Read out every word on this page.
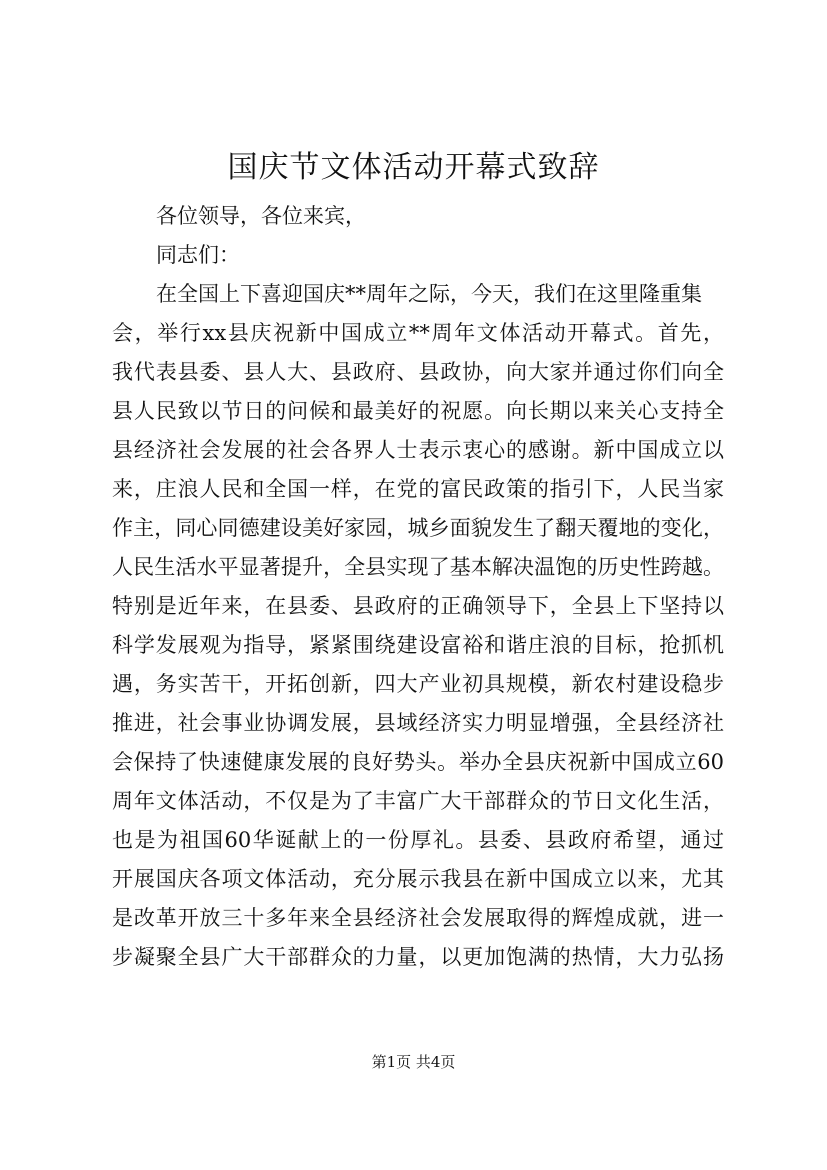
国庆节文体活动开幕式致辞
各位领导，各位来宾，
同志们：
在全国上下喜迎国庆**周年之际，今天，我们在这里隆重集
会，举行xx县庆祝新中国成立**周年文体活动开幕式。首先，
我代表县委、县人大、县政府、县政协，向大家并通过你们向全
县人民致以节日的问候和最美好的祝愿。向长期以来关心支持全
县经济社会发展的社会各界人士表示衷心的感谢。新中国成立以
来，庄浪人民和全国一样，在党的富民政策的指引下，人民当家
作主，同心同德建设美好家园，城乡面貌发生了翻天覆地的变化，
人民生活水平显著提升，全县实现了基本解决温饱的历史性跨越。
特别是近年来，在县委、县政府的正确领导下，全县上下坚持以
科学发展观为指导，紧紧围绕建设富裕和谐庄浪的目标，抢抓机
遇，务实苦干，开拓创新，四大产业初具规模，新农村建设稳步
推进，社会事业协调发展，县域经济实力明显增强，全县经济社
会保持了快速健康发展的良好势头。举办全县庆祝新中国成立60
周年文体活动，不仅是为了丰富广大干部群众的节日文化生活，
也是为祖国60华诞献上的一份厚礼。县委、县政府希望，通过
开展国庆各项文体活动，充分展示我县在新中国成立以来，尤其
是改革开放三十多年来全县经济社会发展取得的辉煌成就，进一
步凝聚全县广大干部群众的力量，以更加饱满的热情，大力弘扬
第1页 共4页
